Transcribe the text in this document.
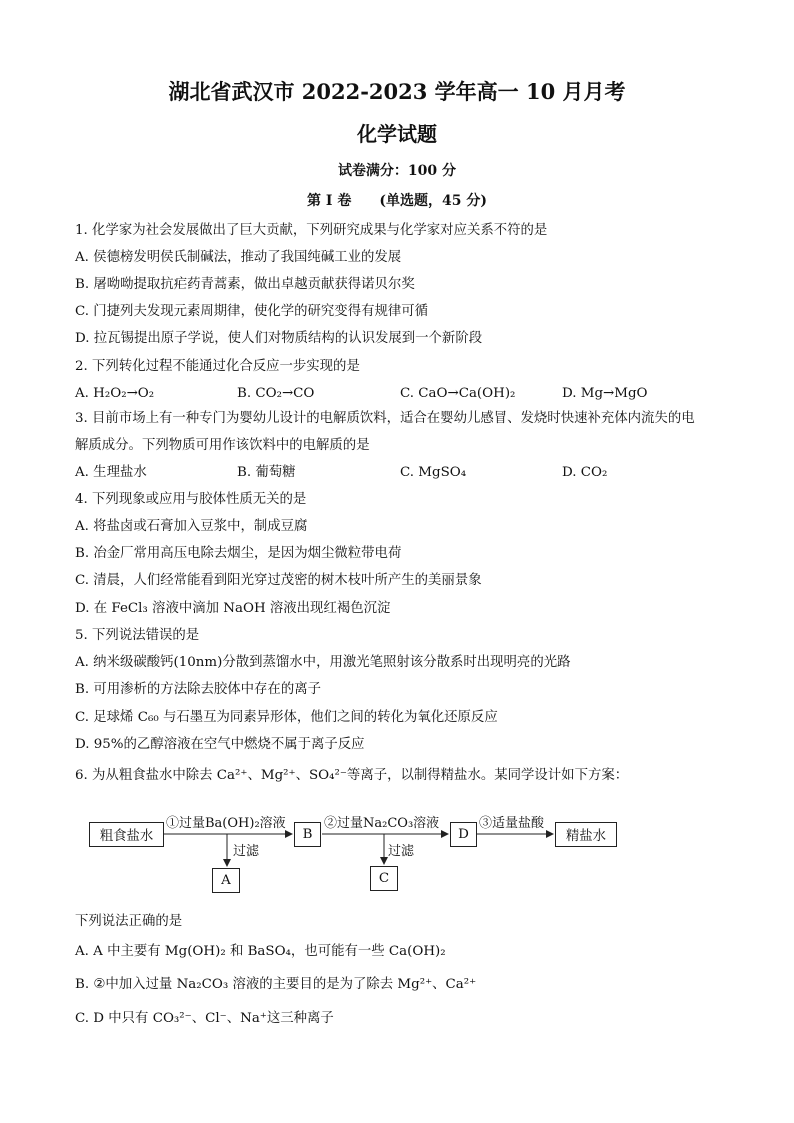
湖北省武汉市 2022-2023 学年高一 10 月月考
化学试题
试卷满分：100 分
第 I 卷　　(单选题，45 分)
1. 化学家为社会发展做出了巨大贡献，下列研究成果与化学家对应关系不符的是
A. 侯德榜发明侯氏制碱法，推动了我国纯碱工业的发展
B. 屠呦呦提取抗疟药青蒿素，做出卓越贡献获得诺贝尔奖
C. 门捷列夫发现元素周期律，使化学的研究变得有规律可循
D. 拉瓦锡提出原子学说，使人们对物质结构的认识发展到一个新阶段
2. 下列转化过程不能通过化合反应一步实现的是
A. H₂O₂→O₂	B. CO₂→CO	C. CaO→Ca(OH)₂	D. Mg→MgO
3. 目前市场上有一种专门为婴幼儿设计的电解质饮料，适合在婴幼儿感冒、发烧时快速补充体内流失的电
解质成分。下列物质可用作该饮料中的电解质的是
A. 生理盐水	B. 葡萄糖	C. MgSO₄	D. CO₂
4. 下列现象或应用与胶体性质无关的是
A. 将盐卤或石膏加入豆浆中，制成豆腐
B. 冶金厂常用高压电除去烟尘，是因为烟尘微粒带电荷
C. 清晨，人们经常能看到阳光穿过茂密的树木枝叶所产生的美丽景象
D. 在 FeCl₃ 溶液中滴加 NaOH 溶液出现红褐色沉淀
5. 下列说法错误的是
A. 纳米级碳酸钙(10nm)分散到蒸馏水中，用激光笔照射该分散系时出现明亮的光路
B. 可用渗析的方法除去胶体中存在的离子
C. 足球烯 C₆₀ 与石墨互为同素异形体，他们之间的转化为氧化还原反应
D. 95%的乙醇溶液在空气中燃烧不属于离子反应
6. 为从粗食盐水中除去 Ca²⁺、Mg²⁺、SO₄²⁻等离子，以制得精盐水。某同学设计如下方案：
粗食盐水
①过量Ba(OH)₂溶液
B
②过量Na₂CO₃溶液
D
③适量盐酸
精盐水
过滤	过滤
A	C
下列说法正确的是
A. A 中主要有 Mg(OH)₂ 和 BaSO₄，也可能有一些 Ca(OH)₂
B. ②中加入过量 Na₂CO₃ 溶液的主要目的是为了除去 Mg²⁺、Ca²⁺
C. D 中只有 CO₃²⁻、Cl⁻、Na⁺这三种离子
